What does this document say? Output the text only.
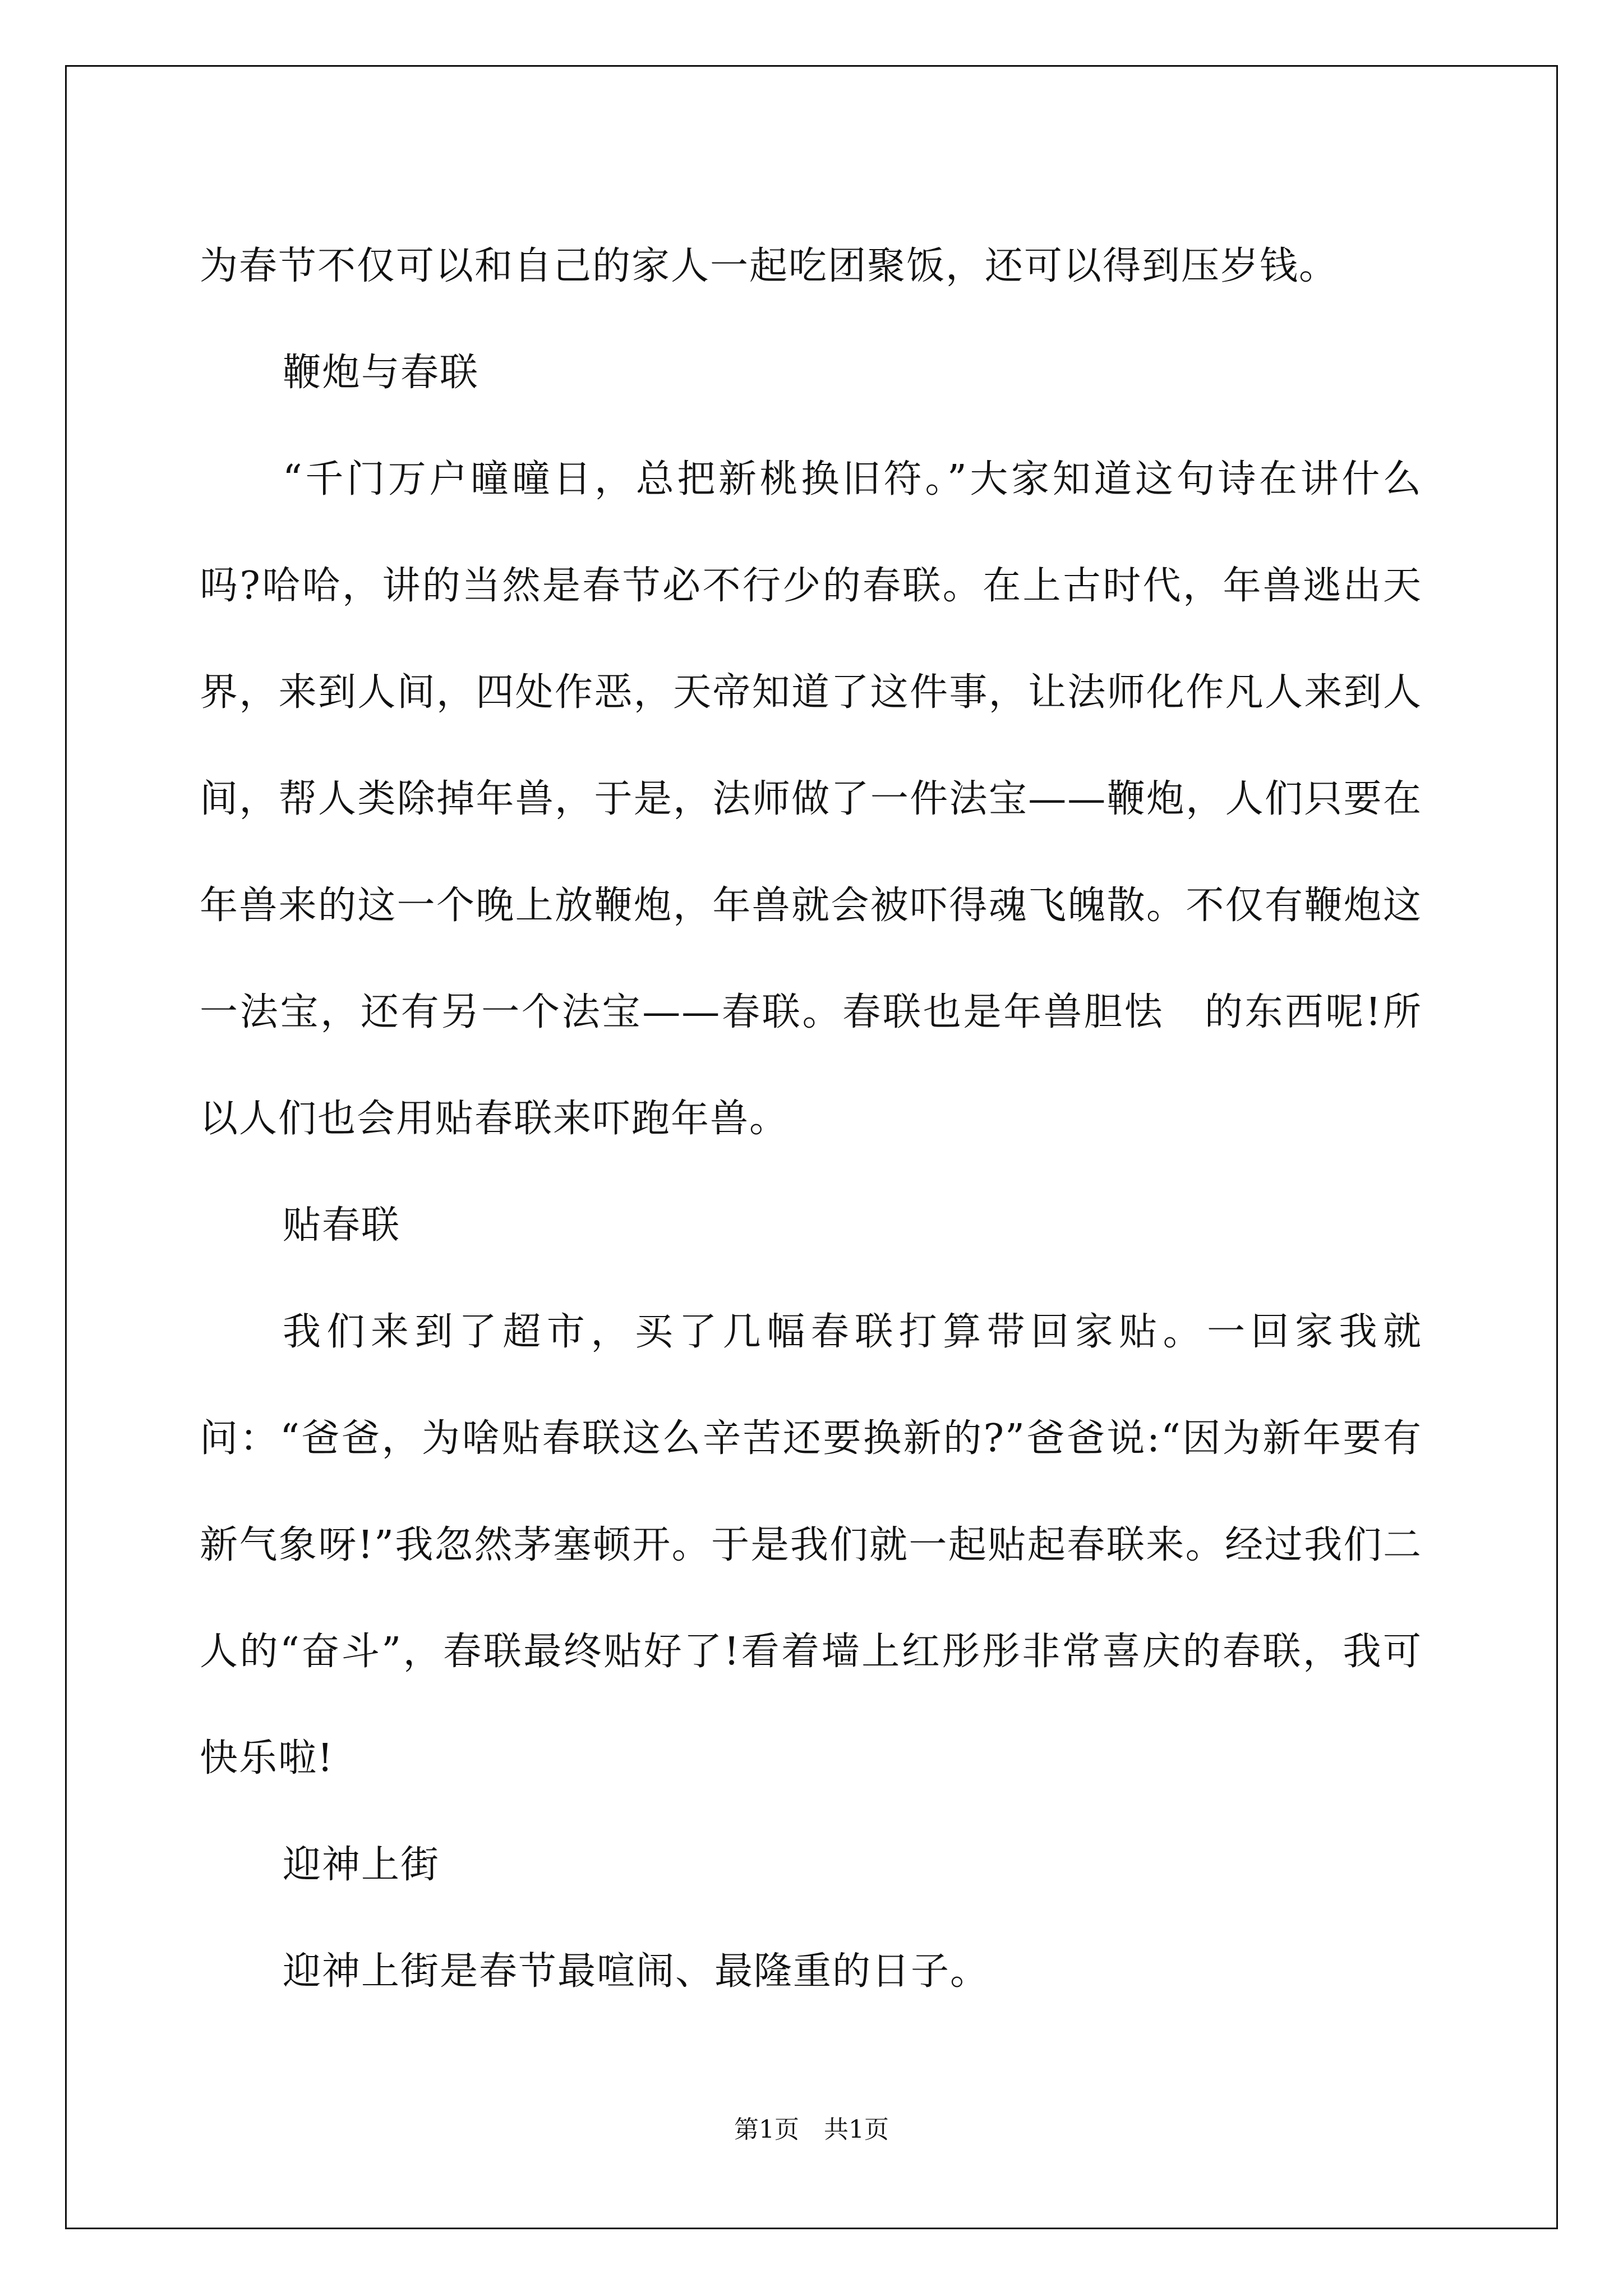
为春节不仅可以和自己的家人一起吃团聚饭，还可以得到压岁钱。

鞭炮与春联

“千门万户曈曈日，总把新桃换旧符。”大家知道这句诗在讲什么吗?哈哈，讲的当然是春节必不行少的春联。在上古时代，年兽逃出天界，来到人间，四处作恶，天帝知道了这件事，让法师化作凡人来到人间，帮人类除掉年兽，于是，法师做了一件法宝——鞭炮，人们只要在年兽来的这一个晚上放鞭炮，年兽就会被吓得魂飞魄散。不仅有鞭炮这一法宝，还有另一个法宝——春联。春联也是年兽胆怯　的东西呢!所以人们也会用贴春联来吓跑年兽。

贴春联

我们来到了超市，买了几幅春联打算带回家贴。一回家我就问：“爸爸，为啥贴春联这么辛苦还要换新的?”爸爸说:“因为新年要有新气象呀!”我忽然茅塞顿开。于是我们就一起贴起春联来。经过我们二人的“奋斗”，春联最终贴好了!看着墙上红彤彤非常喜庆的春联，我可快乐啦!

迎神上街

迎神上街是春节最喧闹、最隆重的日子。

第1页　共1页
